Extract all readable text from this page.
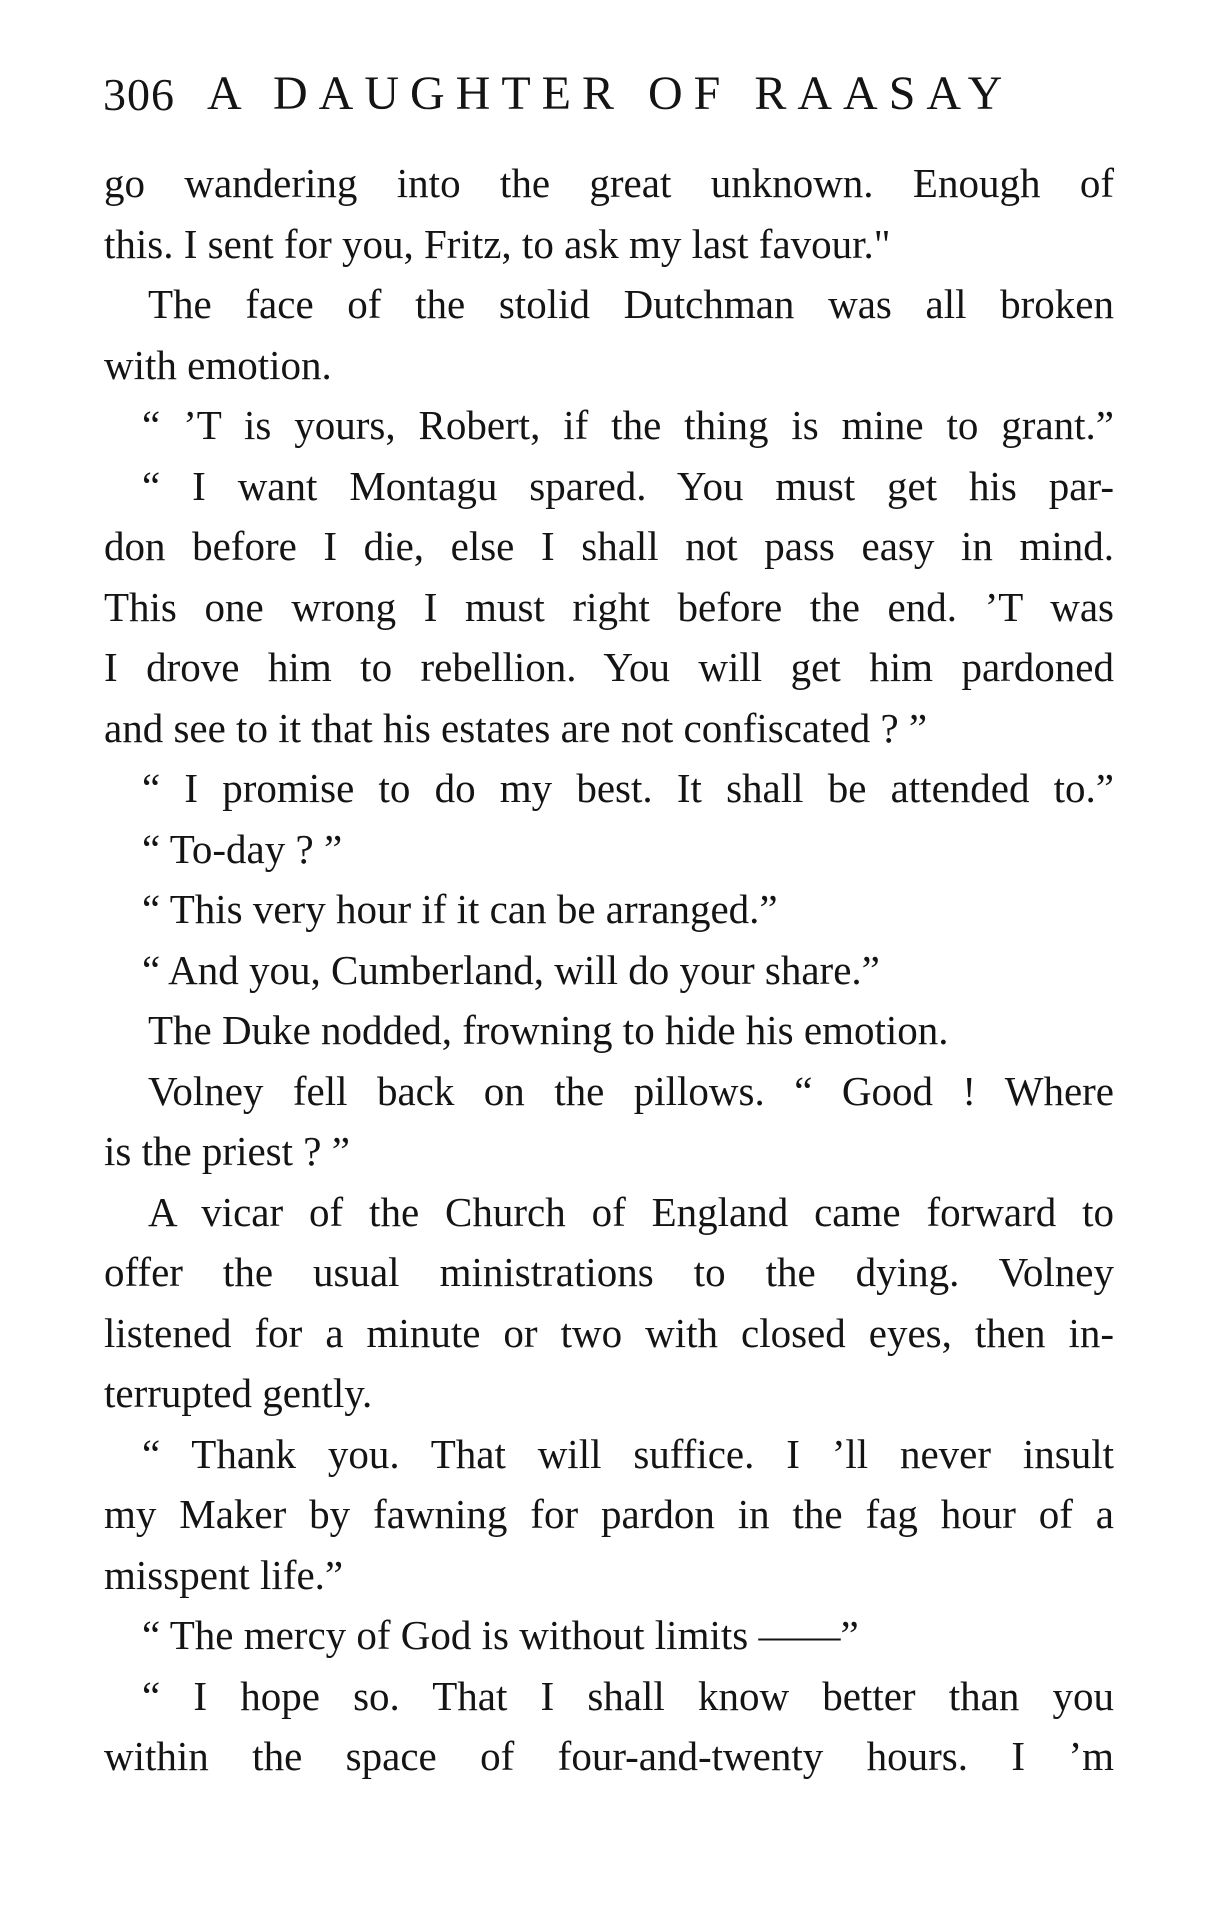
306 A DAUGHTER OF RAASAY
go wandering into the great unknown. Enough of
this. I sent for you, Fritz, to ask my last favour."
The face of the stolid Dutchman was all broken
with emotion.
“ ’T is yours, Robert, if the thing is mine to grant.”
“ I want Montagu spared. You must get his par-
don before I die, else I shall not pass easy in mind.
This one wrong I must right before the end. ’T was
I drove him to rebellion. You will get him pardoned
and see to it that his estates are not confiscated ? ”
“ I promise to do my best. It shall be attended to.”
“ To-day ? ”
“ This very hour if it can be arranged.”
“ And you, Cumberland, will do your share.”
The Duke nodded, frowning to hide his emotion.
Volney fell back on the pillows. “ Good ! Where
is the priest ? ”
A vicar of the Church of England came forward to
offer the usual ministrations to the dying. Volney
listened for a minute or two with closed eyes, then in-
terrupted gently.
“ Thank you. That will suffice. I ’ll never insult
my Maker by fawning for pardon in the fag hour of a
misspent life.”
“ The mercy of God is without limits ——”
“ I hope so. That I shall know better than you
within the space of four-and-twenty hours. I ’m
